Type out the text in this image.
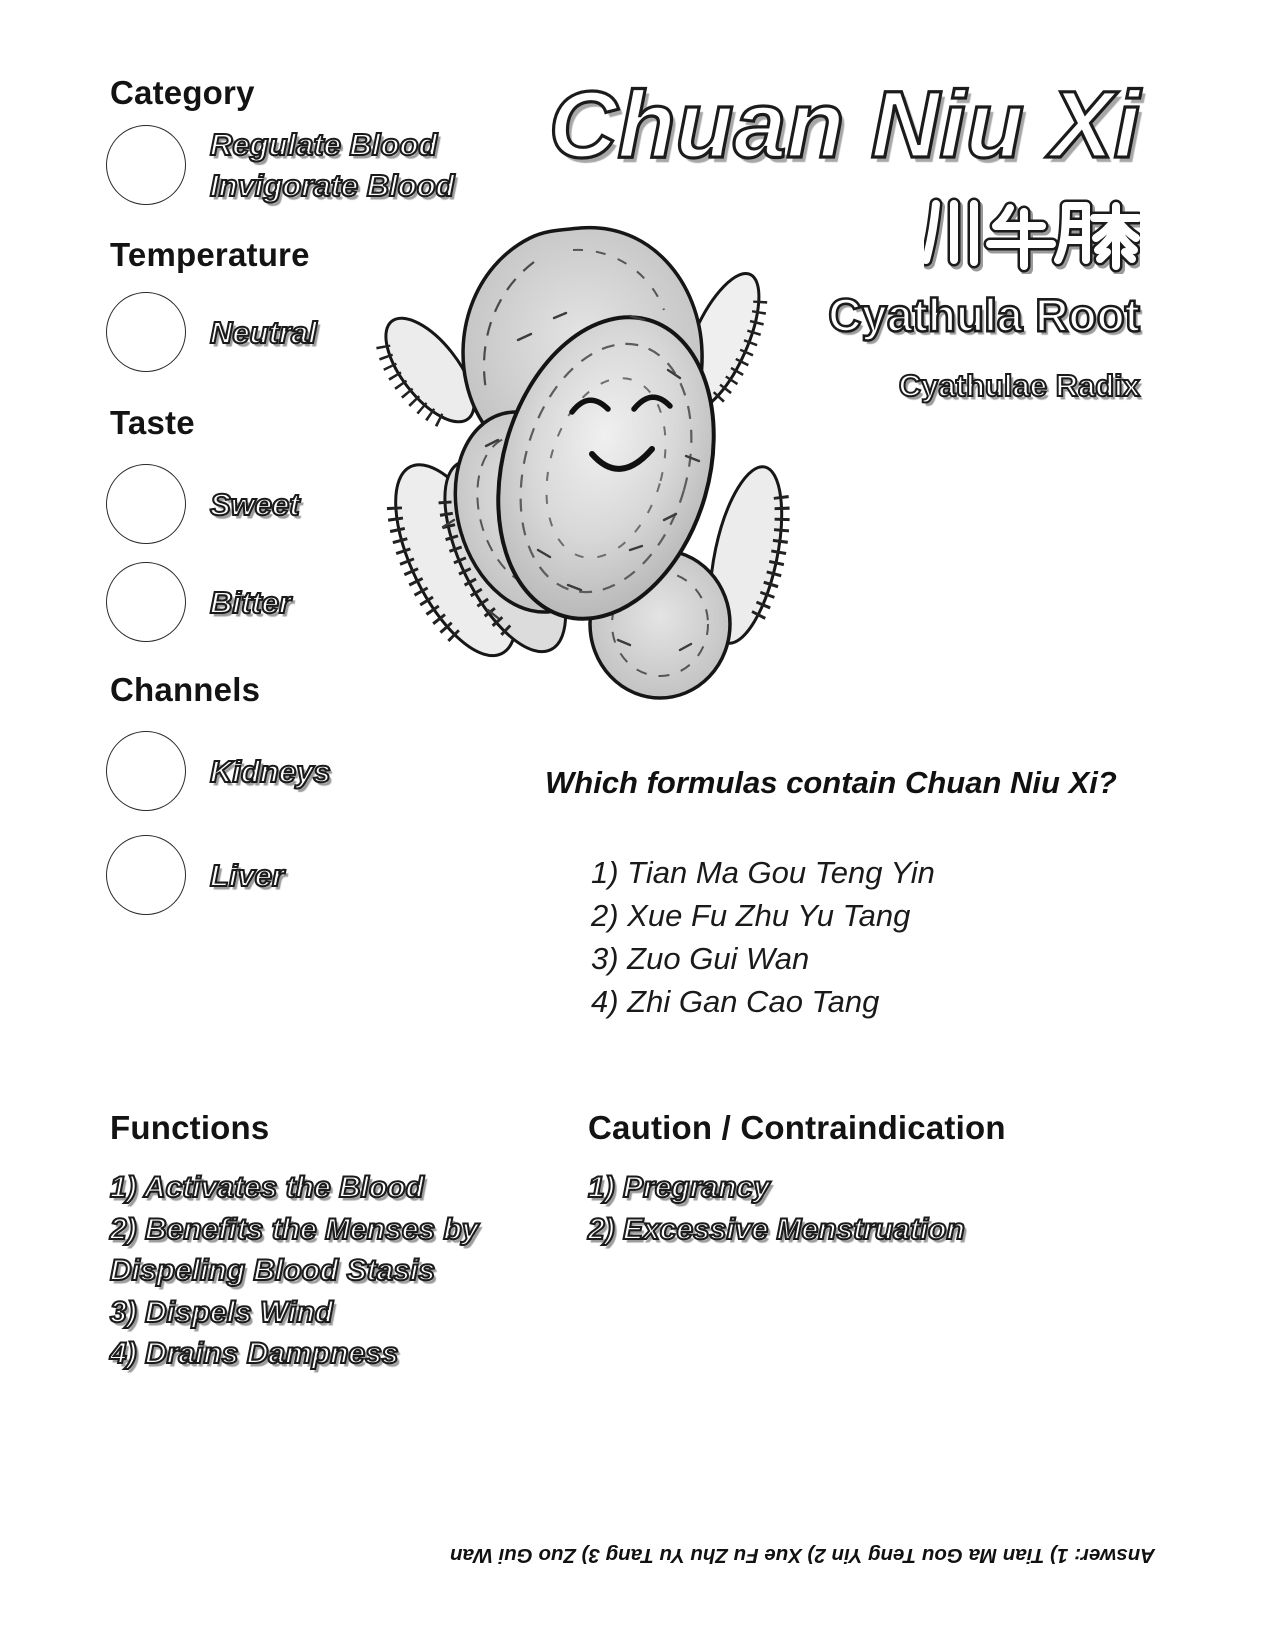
Category
Regulate Blood
Invigorate Blood
Temperature
Neutral
Taste
Sweet
Bitter
Channels
Kidneys
Liver
Chuan Niu Xi
Cyathula Root
Cyathulae Radix
Which formulas contain Chuan Niu Xi?
1) Tian Ma Gou Teng Yin
2) Xue Fu Zhu Yu Tang
3) Zuo Gui Wan
4) Zhi Gan Cao Tang
Functions
1) Activates the Blood
2) Benefits the Menses by Dispeling Blood Stasis
3) Dispels Wind
4) Drains Dampness
Caution / Contraindication
1) Pregrancy
2) Excessive Menstruation
Answer: 1) Tian Ma Gou Teng Yin 2) Xue Fu Zhu Yu Tang 3) Zuo Gui Wan
